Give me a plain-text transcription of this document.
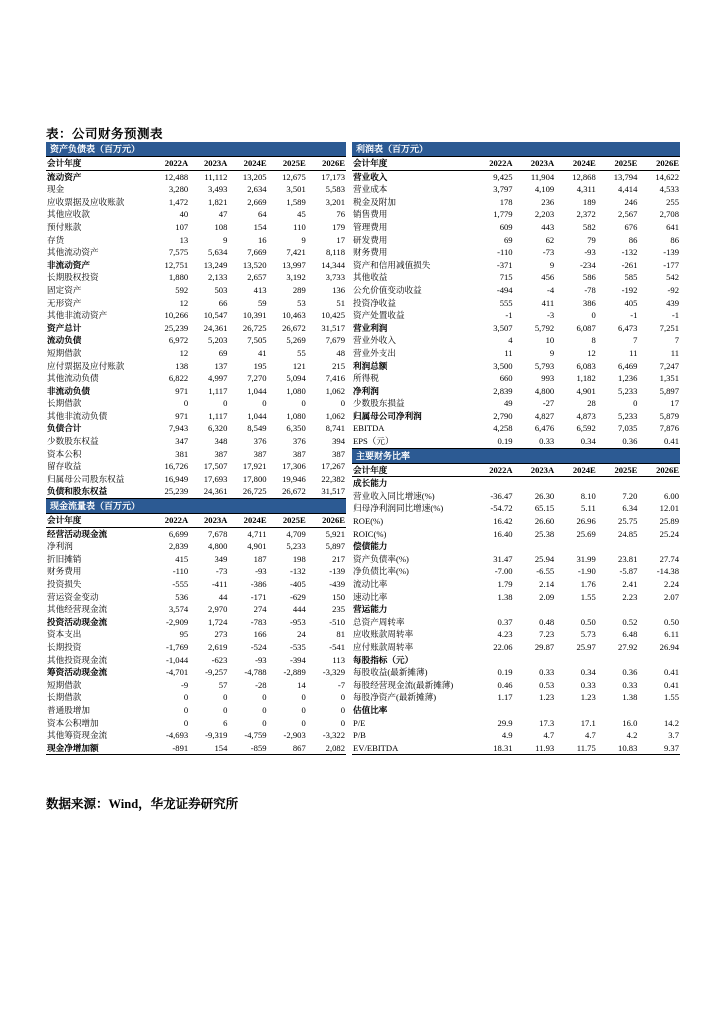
表：公司财务预测表
资产负债表（百万元）
会计年度	2022A	2023A	2024E	2025E	2026E
流动资产	12,488	11,112	13,205	12,675	17,173
现金	3,280	3,493	2,634	3,501	5,583
应收票据及应收账款	1,472	1,821	2,669	1,589	3,201
其他应收款	40	47	64	45	76
预付账款	107	108	154	110	179
存货	13	9	16	9	17
其他流动资产	7,575	5,634	7,669	7,421	8,118
非流动资产	12,751	13,249	13,520	13,997	14,344
长期股权投资	1,880	2,133	2,657	3,192	3,733
固定资产	592	503	413	289	136
无形资产	12	66	59	53	51
其他非流动资产	10,266	10,547	10,391	10,463	10,425
资产总计	25,239	24,361	26,725	26,672	31,517
流动负债	6,972	5,203	7,505	5,269	7,679
短期借款	12	69	41	55	48
应付票据及应付账款	138	137	195	121	215
其他流动负债	6,822	4,997	7,270	5,094	7,416
非流动负债	971	1,117	1,044	1,080	1,062
长期借款	0	0	0	0	0
其他非流动负债	971	1,117	1,044	1,080	1,062
负债合计	7,943	6,320	8,549	6,350	8,741
少数股东权益	347	348	376	376	394
资本公积	381	387	387	387	387
留存收益	16,726	17,507	17,921	17,306	17,267
归属母公司股东权益	16,949	17,693	17,800	19,946	22,382
负债和股东权益	25,239	24,361	26,725	26,672	31,517
现金流量表（百万元）
会计年度	2022A	2023A	2024E	2025E	2026E
经营活动现金流	6,699	7,678	4,711	4,709	5,921
净利润	2,839	4,800	4,901	5,233	5,897
折旧摊销	415	349	187	198	217
财务费用	-110	-73	-93	-132	-139
投资损失	-555	-411	-386	-405	-439
营运资金变动	536	44	-171	-629	150
其他经营现金流	3,574	2,970	274	444	235
投资活动现金流	-2,909	1,724	-783	-953	-510
资本支出	95	273	166	24	81
长期投资	-1,769	2,619	-524	-535	-541
其他投资现金流	-1,044	-623	-93	-394	113
筹资活动现金流	-4,701	-9,257	-4,788	-2,889	-3,329
短期借款	-9	57	-28	14	-7
长期借款	0	0	0	0	0
普通股增加	0	0	0	0	0
资本公积增加	0	6	0	0	0
其他筹资现金流	-4,693	-9,319	-4,759	-2,903	-3,322
现金净增加额	-891	154	-859	867	2,082
利润表（百万元）
会计年度	2022A	2023A	2024E	2025E	2026E
营业收入	9,425	11,904	12,868	13,794	14,622
营业成本	3,797	4,109	4,311	4,414	4,533
税金及附加	178	236	189	246	255
销售费用	1,779	2,203	2,372	2,567	2,708
管理费用	609	443	582	676	641
研发费用	69	62	79	86	86
财务费用	-110	-73	-93	-132	-139
资产和信用减值损失	-371	9	-234	-261	-177
其他收益	715	456	586	585	542
公允价值变动收益	-494	-4	-78	-192	-92
投资净收益	555	411	386	405	439
资产处置收益	-1	-3	0	-1	-1
营业利润	3,507	5,792	6,087	6,473	7,251
营业外收入	4	10	8	7	7
营业外支出	11	9	12	11	11
利润总额	3,500	5,793	6,083	6,469	7,247
所得税	660	993	1,182	1,236	1,351
净利润	2,839	4,800	4,901	5,233	5,897
少数股东损益	49	-27	28	0	17
归属母公司净利润	2,790	4,827	4,873	5,233	5,879
EBITDA	4,258	6,476	6,592	7,035	7,876
EPS（元）	0.19	0.33	0.34	0.36	0.41
主要财务比率
会计年度	2022A	2023A	2024E	2025E	2026E
成长能力					
营业收入同比增速(%)	-36.47	26.30	8.10	7.20	6.00
归母净利润同比增速(%)	-54.72	65.15	5.11	6.34	12.01
ROE(%)	16.42	26.60	26.96	25.75	25.89
ROIC(%)	16.40	25.38	25.69	24.85	25.24
偿债能力					
资产负债率(%)	31.47	25.94	31.99	23.81	27.74
净负债比率(%)	-7.00	-6.55	-1.90	-5.87	-14.38
流动比率	1.79	2.14	1.76	2.41	2.24
速动比率	1.38	2.09	1.55	2.23	2.07
营运能力					
总资产周转率	0.37	0.48	0.50	0.52	0.50
应收账款周转率	4.23	7.23	5.73	6.48	6.11
应付账款周转率	22.06	29.87	25.97	27.92	26.94
每股指标（元）					
每股收益(最新摊薄)	0.19	0.33	0.34	0.36	0.41
每股经营现金流(最新摊薄)	0.46	0.53	0.33	0.33	0.41
每股净资产(最新摊薄)	1.17	1.23	1.23	1.38	1.55
估值比率					
P/E	29.9	17.3	17.1	16.0	14.2
P/B	4.9	4.7	4.7	4.2	3.7
EV/EBITDA	18.31	11.93	11.75	10.83	9.37
数据来源：Wind，华龙证券研究所
